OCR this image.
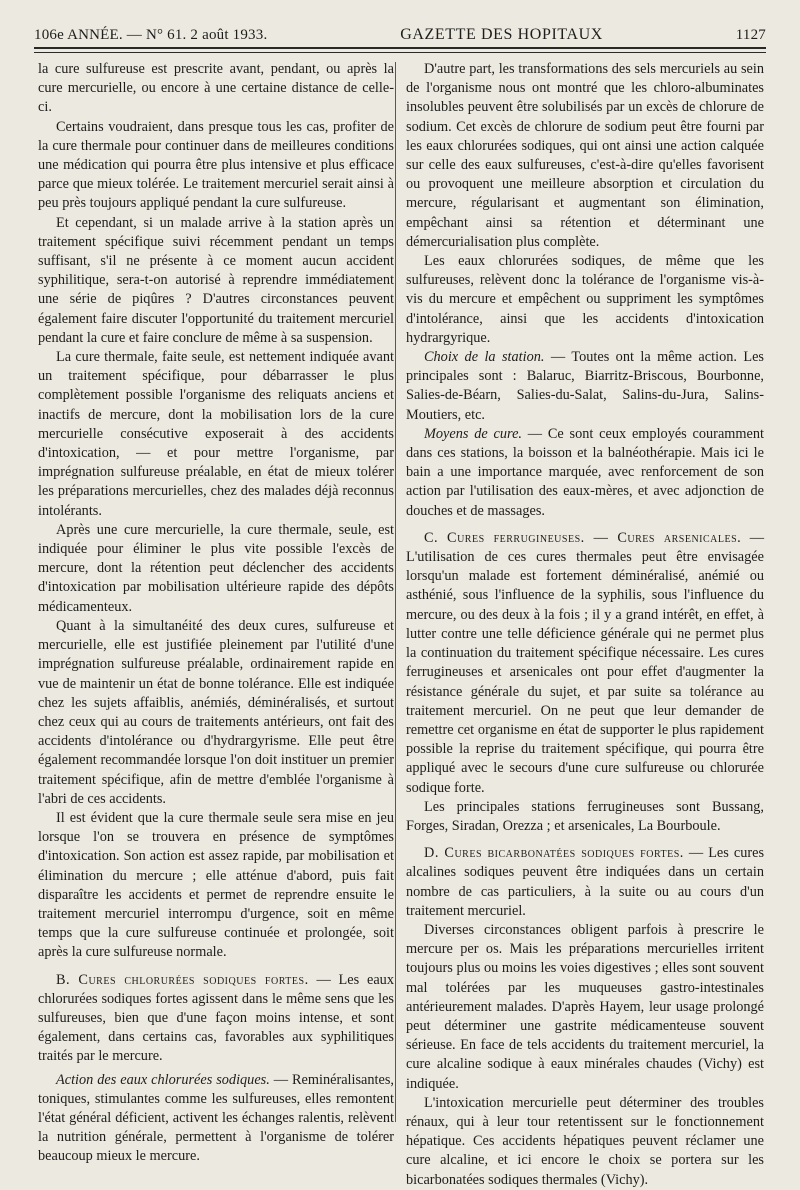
106e ANNÉE. — N° 61. 2 août 1933.	GAZETTE DES HOPITAUX	1127

la cure sulfureuse est prescrite avant, pendant, ou après la cure mercurielle, ou encore à une certaine distance de celle-ci.

Certains voudraient, dans presque tous les cas, profiter de la cure thermale pour continuer dans de meilleures conditions une médication qui pourra être plus intensive et plus efficace parce que mieux tolérée. Le traitement mercuriel serait ainsi à peu près toujours appliqué pendant la cure sulfureuse.

Et cependant, si un malade arrive à la station après un traitement spécifique suivi récemment pendant un temps suffisant, s'il ne présente à ce moment aucun accident syphilitique, sera-t-on autorisé à reprendre immédiatement une série de piqûres ? D'autres circonstances peuvent également faire discuter l'opportunité du traitement mercuriel pendant la cure et faire conclure de même à sa suspension.

La cure thermale, faite seule, est nettement indiquée avant un traitement spécifique, pour débarrasser le plus complètement possible l'organisme des reliquats anciens et inactifs de mercure, dont la mobilisation lors de la cure mercurielle consécutive exposerait à des accidents d'intoxication, — et pour mettre l'organisme, par imprégnation sulfureuse préalable, en état de mieux tolérer les préparations mercurielles, chez des malades déjà reconnus intolérants.

Après une cure mercurielle, la cure thermale, seule, est indiquée pour éliminer le plus vite possible l'excès de mercure, dont la rétention peut déclencher des accidents d'intoxication par mobilisation ultérieure rapide des dépôts médicamenteux.

Quant à la simultanéité des deux cures, sulfureuse et mercurielle, elle est justifiée pleinement par l'utilité d'une imprégnation sulfureuse préalable, ordinairement rapide en vue de maintenir un état de bonne tolérance. Elle est indiquée chez les sujets affaiblis, anémiés, déminéralisés, et surtout chez ceux qui au cours de traitements antérieurs, ont fait des accidents d'intolérance ou d'hydrargyrisme. Elle peut être également recommandée lorsque l'on doit instituer un premier traitement spécifique, afin de mettre d'emblée l'organisme à l'abri de ces accidents.

Il est évident que la cure thermale seule sera mise en jeu lorsque l'on se trouvera en présence de symptômes d'intoxication. Son action est assez rapide, par mobilisation et élimination du mercure ; elle atténue d'abord, puis fait disparaître les accidents et permet de reprendre ensuite le traitement mercuriel interrompu d'urgence, soit en même temps que la cure sulfureuse continuée et prolongée, soit après la cure sulfureuse normale.

B. Cures chlorurées sodiques fortes. — Les eaux chlorurées sodiques fortes agissent dans le même sens que les sulfureuses, bien que d'une façon moins intense, et sont également, dans certains cas, favorables aux syphilitiques traités par le mercure.

Action des eaux chlorurées sodiques. — Reminéralisantes, toniques, stimulantes comme les sulfureuses, elles remontent l'état général déficient, activent les échanges ralentis, relèvent la nutrition générale, permettent à l'organisme de tolérer beaucoup mieux le mercure.

D'autre part, les transformations des sels mercuriels au sein de l'organisme nous ont montré que les chloro-albuminates insolubles peuvent être solubilisés par un excès de chlorure de sodium. Cet excès de chlorure de sodium peut être fourni par les eaux chlorurées sodiques, qui ont ainsi une action calquée sur celle des eaux sulfureuses, c'est-à-dire qu'elles favorisent ou provoquent une meilleure absorption et circulation du mercure, régularisant et augmentant son élimination, empêchant ainsi sa rétention et déterminant une démercurialisation plus complète.

Les eaux chlorurées sodiques, de même que les sulfureuses, relèvent donc la tolérance de l'organisme vis-à-vis du mercure et empêchent ou suppriment les symptômes d'intolérance, ainsi que les accidents d'intoxication hydrargyrique.

Choix de la station. — Toutes ont la même action. Les principales sont : Balaruc, Biarritz-Briscous, Bourbonne, Salies-de-Béarn, Salies-du-Salat, Salins-du-Jura, Salins-Moutiers, etc.

Moyens de cure. — Ce sont ceux employés couramment dans ces stations, la boisson et la balnéothérapie. Mais ici le bain a une importance marquée, avec renforcement de son action par l'utilisation des eaux-mères, et avec adjonction de douches et de massages.

C. Cures ferrugineuses. — Cures arsenicales. — L'utilisation de ces cures thermales peut être envisagée lorsqu'un malade est fortement déminéralisé, anémié ou asthénié, sous l'influence de la syphilis, sous l'influence du mercure, ou des deux à la fois ; il y a grand intérêt, en effet, à lutter contre une telle déficience générale qui ne permet plus la continuation du traitement spécifique nécessaire. Les cures ferrugineuses et arsenicales ont pour effet d'augmenter la résistance générale du sujet, et par suite sa tolérance au traitement mercuriel. On ne peut que leur demander de remettre cet organisme en état de supporter le plus rapidement possible la reprise du traitement spécifique, qui pourra être appliqué avec le secours d'une cure sulfureuse ou chlorurée sodique forte.

Les principales stations ferrugineuses sont Bussang, Forges, Siradan, Orezza ; et arsenicales, La Bourboule.

D. Cures bicarbonatées sodiques fortes. — Les cures alcalines sodiques peuvent être indiquées dans un certain nombre de cas particuliers, à la suite ou au cours d'un traitement mercuriel.

Diverses circonstances obligent parfois à prescrire le mercure per os. Mais les préparations mercurielles irritent toujours plus ou moins les voies digestives ; elles sont souvent mal tolérées par les muqueuses gastro-intestinales antérieurement malades. D'après Hayem, leur usage prolongé peut déterminer une gastrite médicamenteuse souvent sérieuse. En face de tels accidents du traitement mercuriel, la cure alcaline sodique à eaux minérales chaudes (Vichy) est indiquée.

L'intoxication mercurielle peut déterminer des troubles rénaux, qui à leur tour retentissent sur le fonctionnement hépatique. Ces accidents hépatiques peuvent réclamer une cure alcaline, et ici encore le choix se portera sur les bicarbonatées sodiques thermales (Vichy).
